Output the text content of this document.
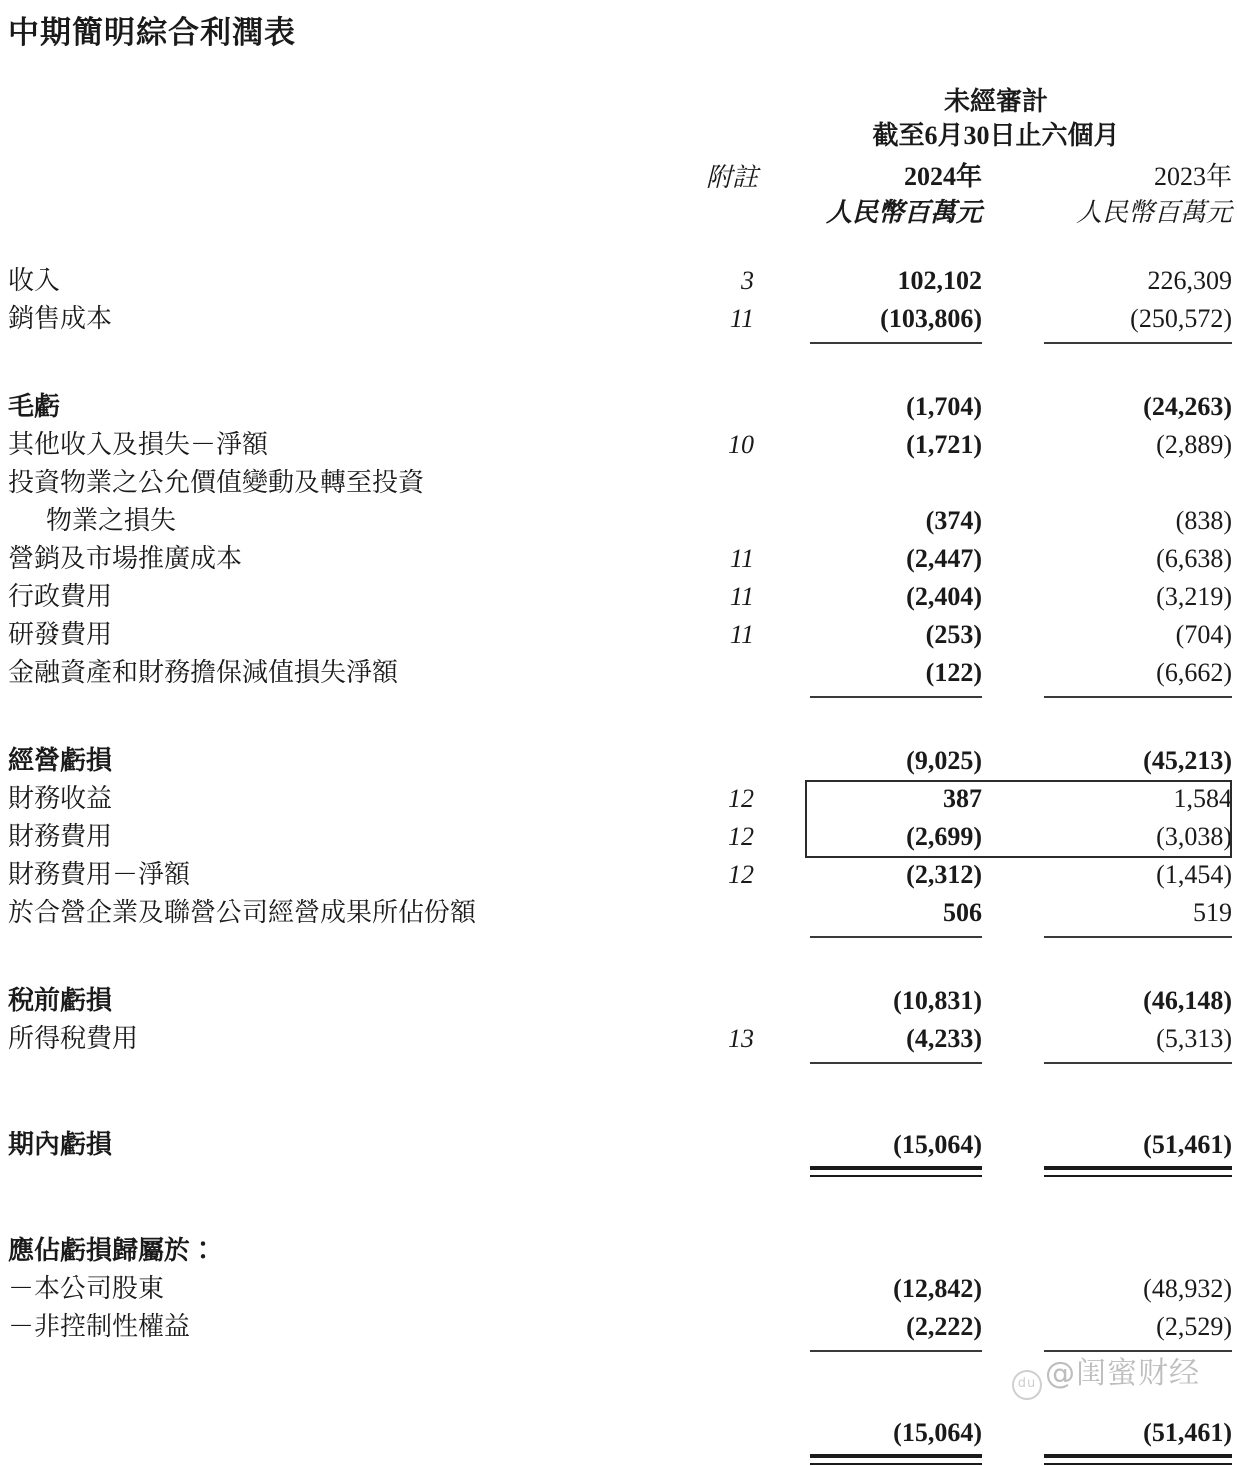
中期簡明綜合利潤表
未經審計
截至6月30日止六個月
附註	2024年	2023年
人民幣百萬元	人民幣百萬元
收入	3		102,102		226,309
銷售成本	11		(103,806)		(250,572)

毛虧			(1,704)		(24,263)
其他收入及損失－淨額	10		(1,721)		(2,889)
投資物業之公允價值變動及轉至投資					
物業之損失			(374)		(838)
營銷及市場推廣成本	11		(2,447)		(6,638)
行政費用	11		(2,404)		(3,219)
研發費用	11		(253)		(704)
金融資產和財務擔保減值損失淨額			(122)		(6,662)

經營虧損			(9,025)		(45,213)
財務收益	12		387		1,584
財務費用	12		(2,699)		(3,038)
財務費用－淨額	12		(2,312)		(1,454)
於合營企業及聯營公司經營成果所佔份額			506		519

稅前虧損			(10,831)		(46,148)
所得稅費用	13		(4,233)		(5,313)

期內虧損			(15,064)		(51,461)

應佔虧損歸屬於：					
－本公司股東			(12,842)		(48,932)
－非控制性權益			(2,222)		(2,529)

			(15,064)		(51,461)

du @闺蜜财经
